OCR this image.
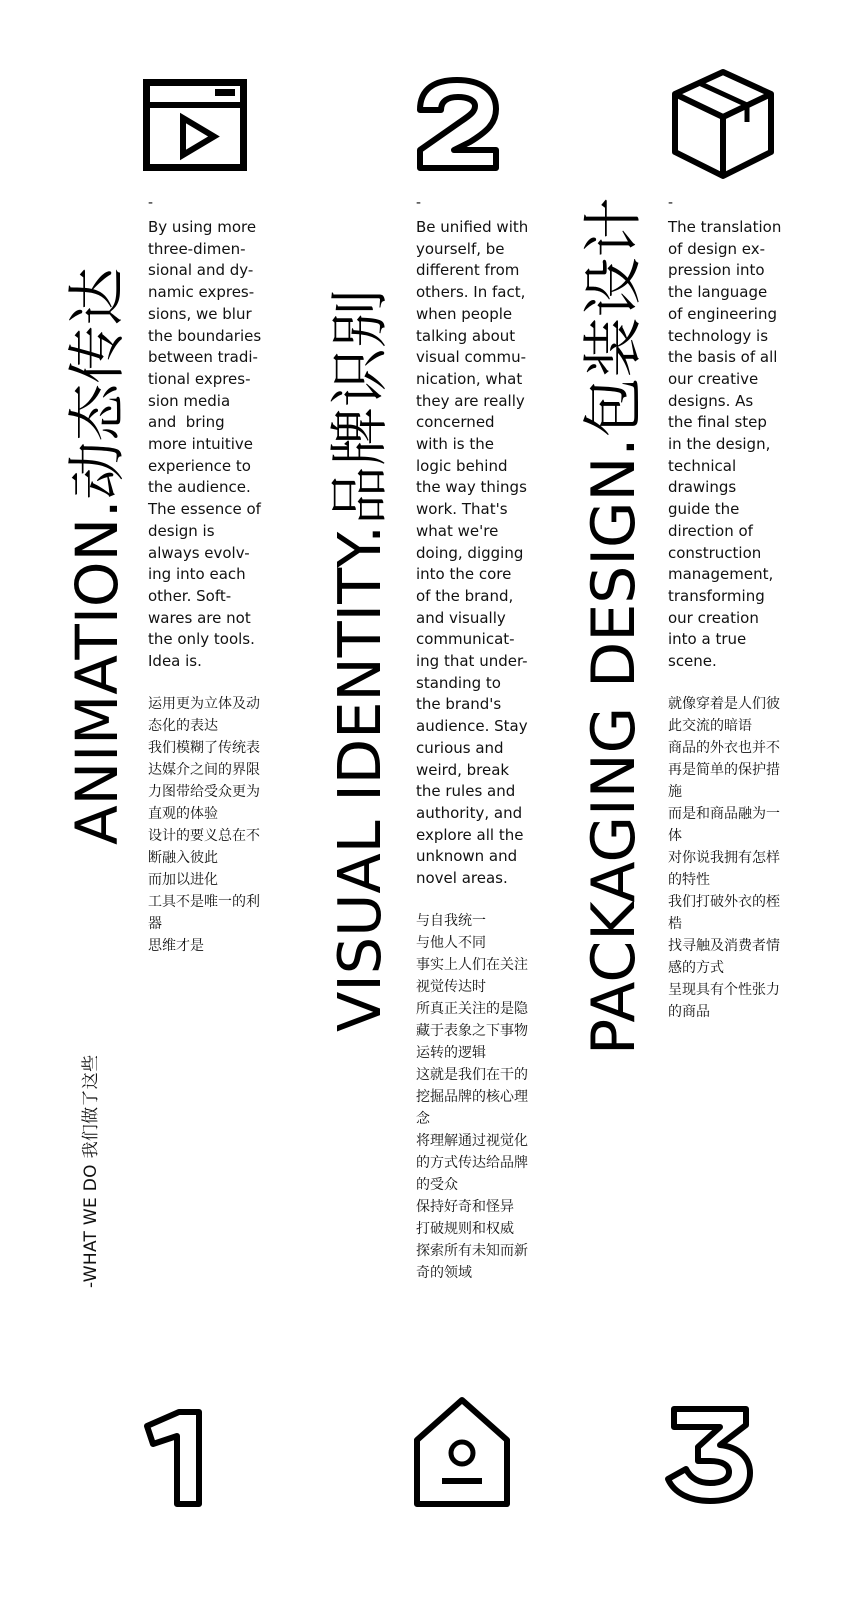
ANIMATION.动态传达	VISUAL IDENTITY.品牌识别	PACKAGING DESIGN.包装设计
-

By using more
three-dimen-
sional and dy-
namic expres-
sions, we blur
the boundaries
between tradi-
tional expres-
sion media
and  bring
more intuitive
experience to
the audience.
The essence of
design is
always evolv-
ing into each
other. Soft-
wares are not
the only tools.
Idea is.

运用更为立体及动
态化的表达
我们模糊了传统表
达媒介之间的界限
力图带给受众更为
直观的体验
设计的要义总在不
断融入彼此
而加以进化
工具不是唯一的利
器
思维才是

-

Be unified with
yourself, be
different from
others. In fact,
when people
talking about
visual commu-
nication, what
they are really
concerned
with is the
logic behind
the way things
work. That's
what we're
doing, digging
into the core
of the brand,
and visually
communicat-
ing that under-
standing to
the brand's
audience. Stay
curious and
weird, break
the rules and
authority, and
explore all the
unknown and
novel areas.

与自我统一
与他人不同
事实上人们在关注
视觉传达时
所真正关注的是隐
藏于表象之下事物
运转的逻辑
这就是我们在干的
挖掘品牌的核心理
念
将理解通过视觉化
的方式传达给品牌
的受众
保持好奇和怪异
打破规则和权威
探索所有未知而新
奇的领域

-

The translation
of design ex-
pression into
the language
of engineering
technology is
the basis of all
our creative
designs. As
the final step
in the design,
technical
drawings
guide the
direction of
construction
management,
transforming
our creation
into a true
scene.

就像穿着是人们彼
此交流的暗语
商品的外衣也并不
再是简单的保护措
施
而是和商品融为一
体
对你说我拥有怎样
的特性
我们打破外衣的桎
梏
找寻触及消费者情
感的方式
呈现具有个性张力
的商品

-WHAT WE DO 我们做了这些
